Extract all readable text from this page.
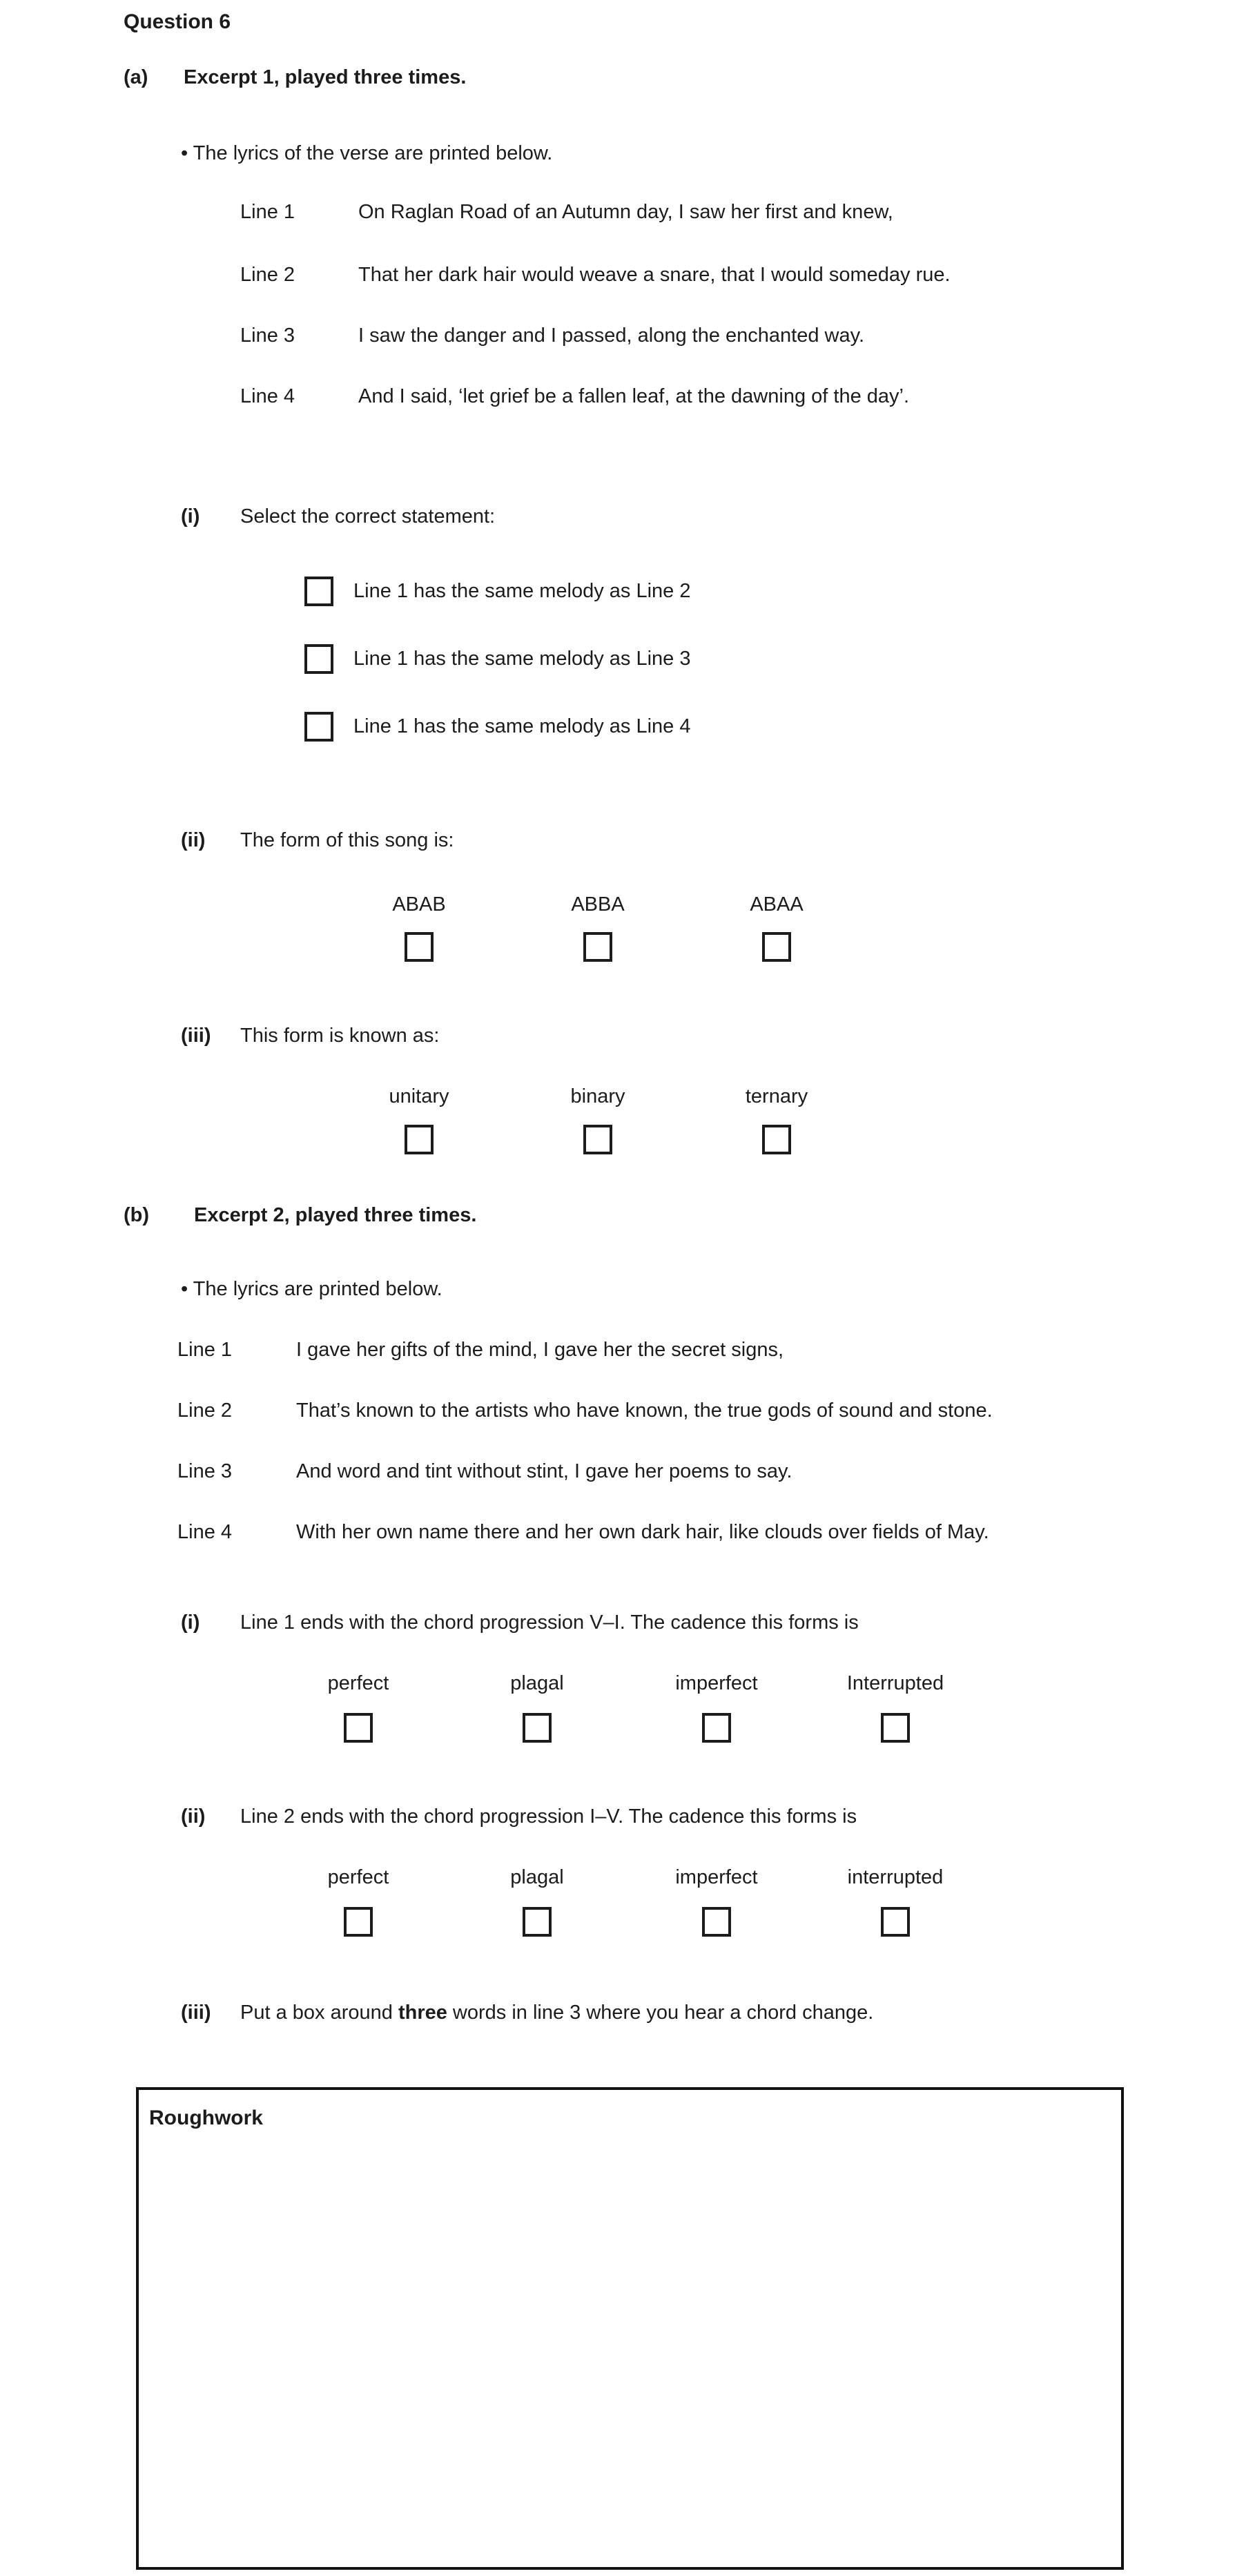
Question 6
(a) Excerpt 1, played three times.
• The lyrics of the verse are printed below.
Line 1	On Raglan Road of an Autumn day, I saw her first and knew,
Line 2	That her dark hair would weave a snare, that I would someday rue.
Line 3	I saw the danger and I passed, along the enchanted way.
Line 4	And I said, ‘let grief be a fallen leaf, at the dawning of the day’.
(i) Select the correct statement:
Line 1 has the same melody as Line 2
Line 1 has the same melody as Line 3
Line 1 has the same melody as Line 4
(ii) The form of this song is:
ABAB	ABBA	ABAA
(iii) This form is known as:
unitary	binary	ternary
(b) Excerpt 2, played three times.
• The lyrics are printed below.
Line 1	I gave her gifts of the mind, I gave her the secret signs,
Line 2	That’s known to the artists who have known, the true gods of sound and stone.
Line 3	And word and tint without stint, I gave her poems to say.
Line 4	With her own name there and her own dark hair, like clouds over fields of May.
(i) Line 1 ends with the chord progression V–I. The cadence this forms is
perfect	plagal	imperfect	Interrupted
(ii) Line 2 ends with the chord progression I–V. The cadence this forms is
perfect	plagal	imperfect	interrupted
(iii) Put a box around three words in line 3 where you hear a chord change.
Roughwork
